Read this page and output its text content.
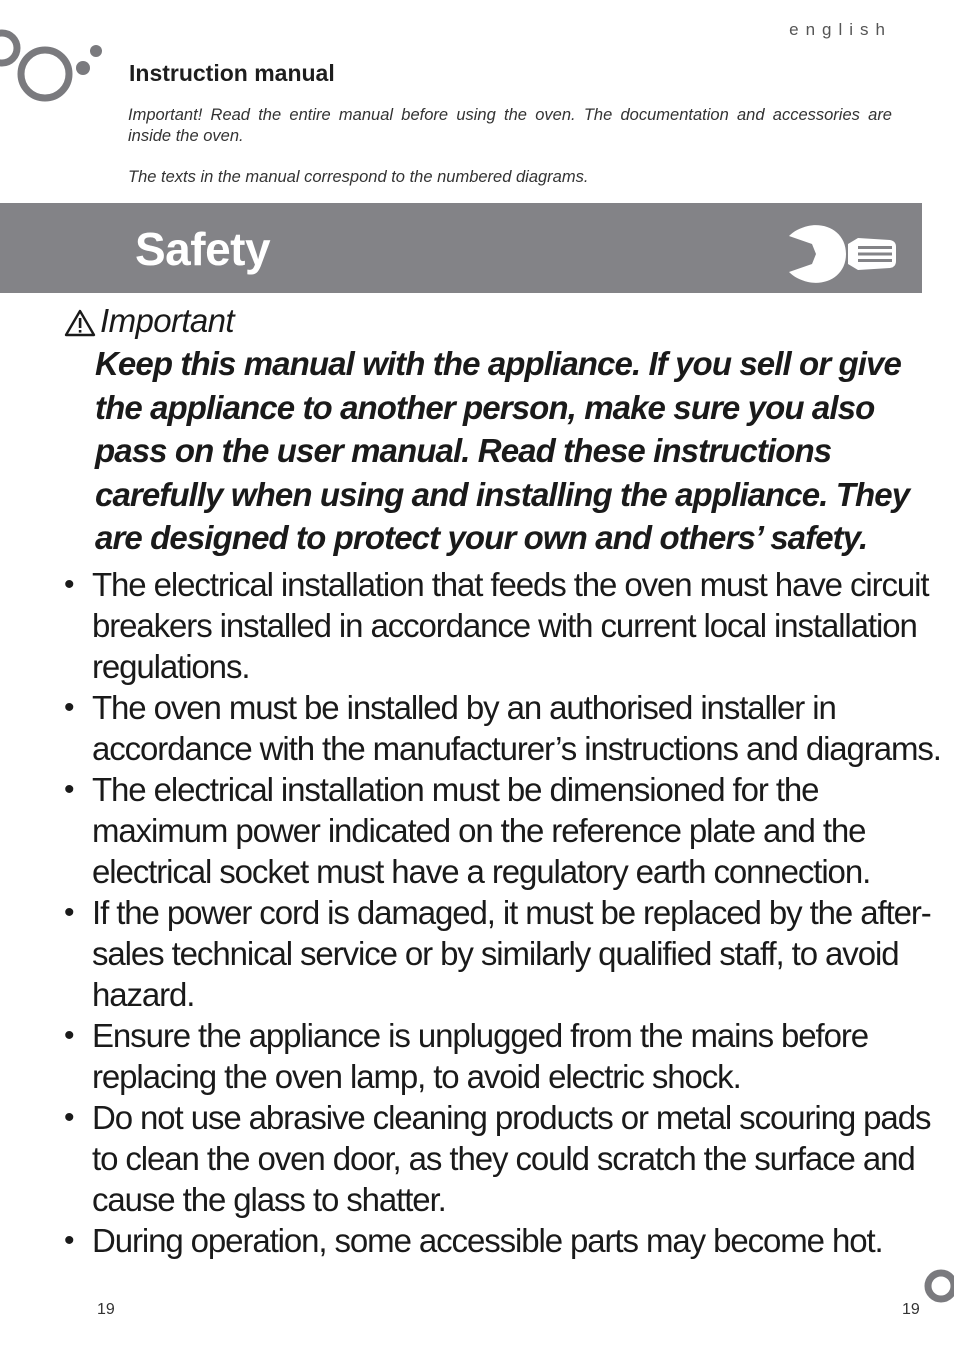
english
Instruction manual
Important! Read the entire manual before using the oven. The documentation and accessories are inside the oven.
The texts in the manual correspond to the numbered diagrams.
Safety
Important
Keep this manual with the appliance. If you sell or give the appliance to another person, make sure you also pass on the user manual. Read these instructions carefully when using and installing the appliance. They are designed to protect your own and others’ safety.
• The electrical installation that feeds the oven must have circuit breakers installed in accordance with current local installation regulations.
• The oven must be installed by an authorised installer in accordance with the manufacturer’s instructions and diagrams.
• The electrical installation must be dimensioned for the maximum power indicated on the reference plate and the electrical socket must have a regulatory earth connection.
• If the power cord is damaged, it must be replaced by the after-sales technical service or by similarly qualified staff, to avoid hazard.
• Ensure the appliance is unplugged from the mains before replacing the oven lamp, to avoid electric shock.
• Do not use abrasive cleaning products or metal scouring pads to clean the oven door, as they could scratch the surface and cause the glass to shatter.
• During operation, some accessible parts may become hot.
19	19
